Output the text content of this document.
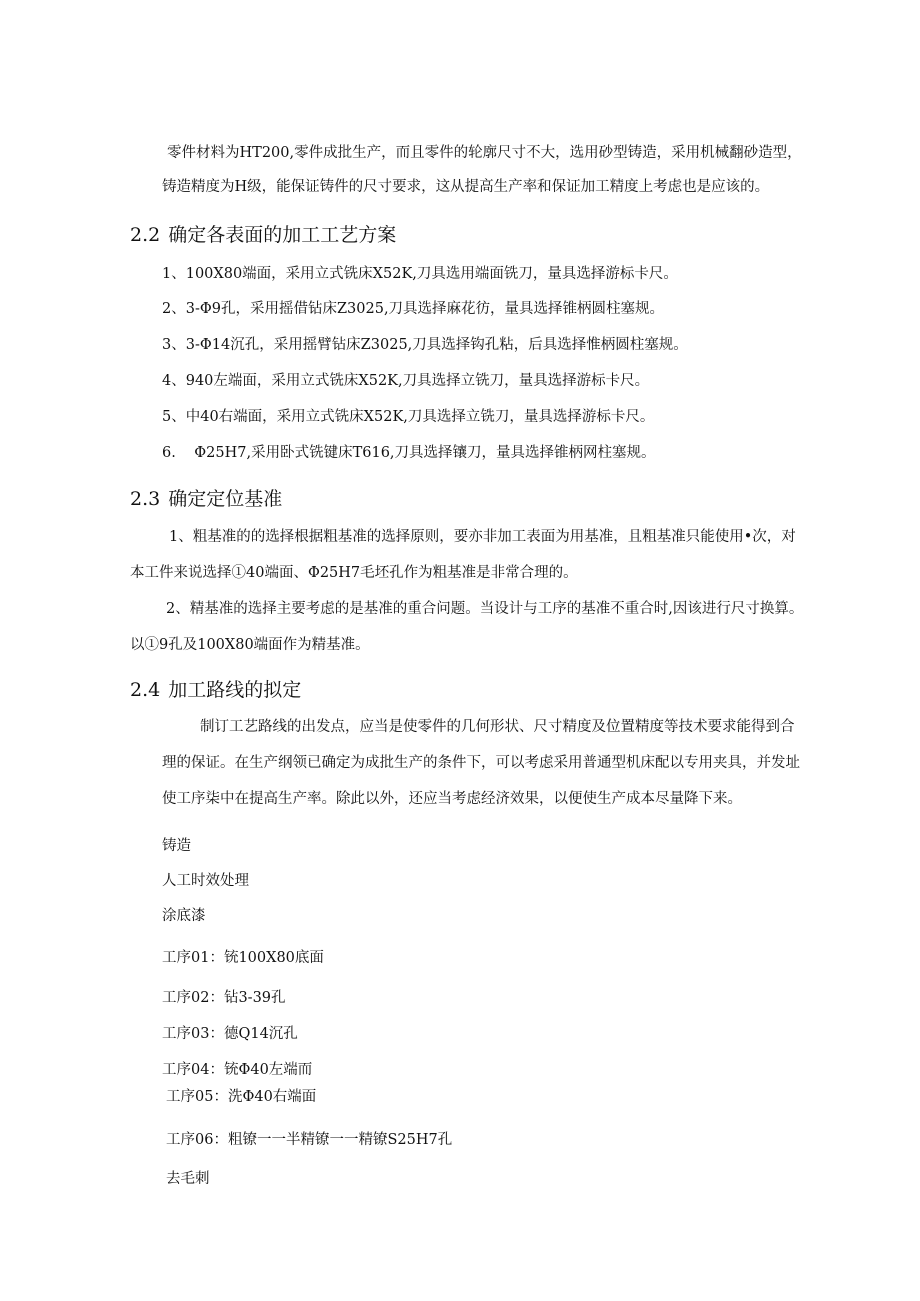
零件材料为HT200,零件成批生产，而且零件的轮廓尺寸不大，选用砂型铸造，采用机械翻砂造型，
铸造精度为H级，能保证铸件的尺寸要求，这从提高生产率和保证加工精度上考虑也是应该的。
2.2 确定各表面的加工工艺方案
1、100X80端面，采用立式铣床X52K,刀具选用端面铣刀，量具选择游标卡尺。
2、3-Φ9孔，采用摇借钻床Z3025,刀具选择麻花彷，量具选择锥柄圆柱塞规。
3、3-Φ14沉孔，采用摇臂钻床Z3025,刀具选择钩孔粘，后具选择惟柄圆柱塞规。
4、940左端面，采用立式铣床X52K,刀具选择立铣刀，量具选择游标卡尺。
5、中40右端面，采用立式铣床X52K,刀具选择立铣刀，量具选择游标卡尺。
6.    Φ25H7,采用卧式铣键床T616,刀具选择镶刀，量具选择锥柄网柱塞规。
2.3 确定定位基准
1、粗基准的的选择根据粗基准的选择原则，要亦非加工表面为用基准，且粗基准只能使用•次，对
本工件来说选择①40端面、Φ25H7毛坯孔作为粗基准是非常合理的。
2、精基准的选择主要考虑的是基准的重合问题。当设计与工序的基准不重合时,因该进行尺寸换算。
以①9孔及100X80端面作为精基准。
2.4 加工路线的拟定
制订工艺路线的出发点，应当是使零件的几何形状、尺寸精度及位置精度等技术要求能得到合
理的保证。在生产纲领已确定为成批生产的条件下，可以考虑采用普通型机床配以专用夹具，并发址
使工序柒中在提高生产率。除此以外，还应当考虑经济效果，以便使生产成本尽量降下来。
铸造
人工时效处理
涂底漆
工序01：铳100X80底面
工序02：钻3-39孔
工序03：德Q14沉孔
工序04：铳Φ40左端而
工序05：洗Φ40右端面
工序06：粗镣一一半精镣一一精镣S25H7孔
去毛刺
